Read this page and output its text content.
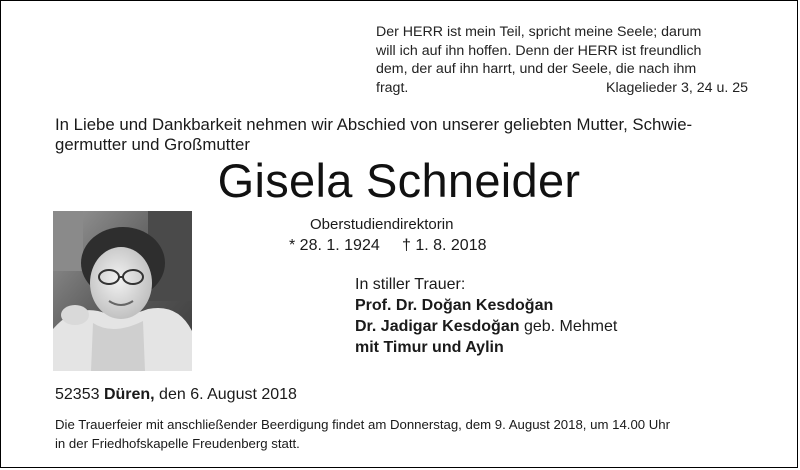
Der HERR ist mein Teil, spricht meine Seele; darum
will ich auf ihn hoffen. Denn der HERR ist freundlich
dem, der auf ihn harrt, und der Seele, die nach ihm
fragt.	Klagelieder 3, 24 u. 25
In Liebe und Dankbarkeit nehmen wir Abschied von unserer geliebten Mutter, Schwie-
germutter und Großmutter
Gisela Schneider
Oberstudiendirektorin
* 28. 1. 1924     † 1. 8. 2018
In stiller Trauer:
Prof. Dr. Doğan Kesdoğan
Dr. Jadigar Kesdoğan geb. Mehmet
mit Timur und Aylin
52353 Düren, den 6. August 2018
Die Trauerfeier mit anschließender Beerdigung findet am Donnerstag, dem 9. August 2018, um 14.00 Uhr
in der Friedhofskapelle Freudenberg statt.
